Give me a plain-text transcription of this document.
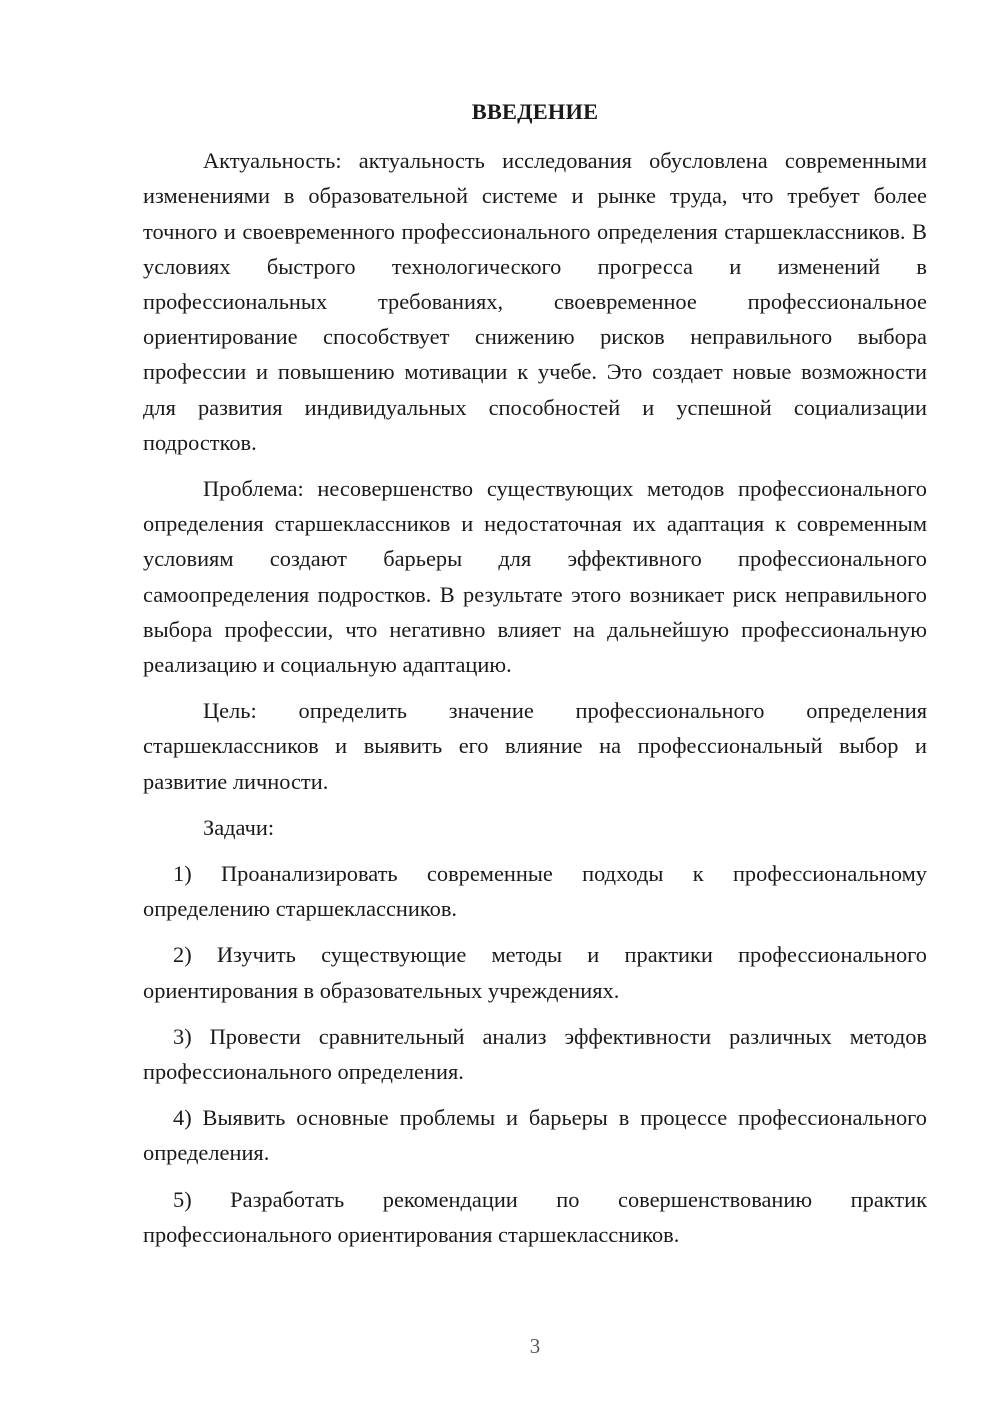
ВВЕДЕНИЕ

Актуальность: актуальность исследования обусловлена современными изменениями в образовательной системе и рынке труда, что требует более точного и своевременного профессионального определения старшеклассников. В условиях быстрого технологического прогресса и изменений в профессиональных требованиях, своевременное профессиональное ориентирование способствует снижению рисков неправильного выбора профессии и повышению мотивации к учебе. Это создает новые возможности для развития индивидуальных способностей и успешной социализации подростков.

Проблема: несовершенство существующих методов профессионального определения старшеклассников и недостаточная их адаптация к современным условиям создают барьеры для эффективного профессионального самоопределения подростков. В результате этого возникает риск неправильного выбора профессии, что негативно влияет на дальнейшую профессиональную реализацию и социальную адаптацию.

Цель: определить значение профессионального определения старшеклассников и выявить его влияние на профессиональный выбор и развитие личности.

Задачи:

1) Проанализировать современные подходы к профессиональному определению старшеклассников.

2) Изучить существующие методы и практики профессионального ориентирования в образовательных учреждениях.

3) Провести сравнительный анализ эффективности различных методов профессионального определения.

4) Выявить основные проблемы и барьеры в процессе профессионального определения.

5) Разработать рекомендации по совершенствованию практик профессионального ориентирования старшеклассников.

3
